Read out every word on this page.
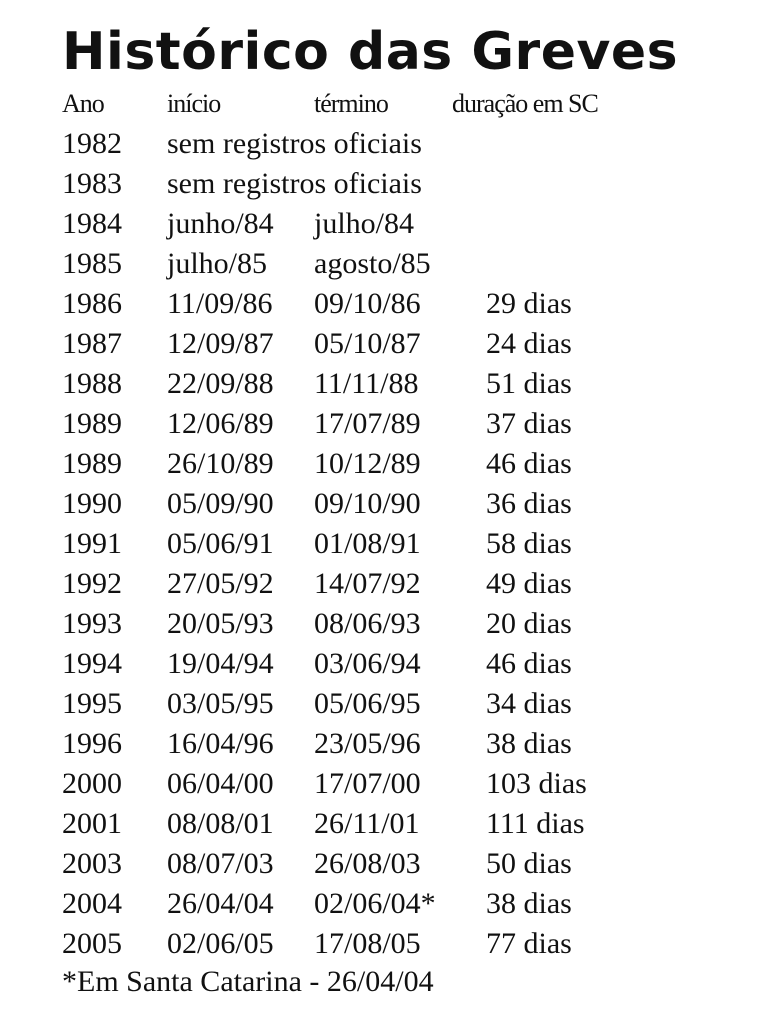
Histórico das Greves
Ano início	término duração em SC
1982 sem registros oficiais
1983 sem registros oficiais
1984 junho/84 julho/84
1985 julho/85 agosto/85
1986 11/09/86 09/10/86 29 dias
1987 12/09/87 05/10/87 24 dias
1988 22/09/88 11/11/88 51 dias
1989 12/06/89 17/07/89 37 dias
1989 26/10/89 10/12/89 46 dias
1990 05/09/90 09/10/90 36 dias
1991 05/06/91 01/08/91 58 dias
1992 27/05/92 14/07/92 49 dias
1993 20/05/93 08/06/93 20 dias
1994 19/04/94 03/06/94 46 dias
1995 03/05/95 05/06/95 34 dias
1996 16/04/96 23/05/96 38 dias
2000 06/04/00 17/07/00 103 dias
2001 08/08/01 26/11/01 111 dias
2003 08/07/03 26/08/03 50 dias
2004 26/04/04 02/06/04* 38 dias
2005 02/06/05 17/08/05 77 dias
*Em Santa Catarina - 26/04/04
